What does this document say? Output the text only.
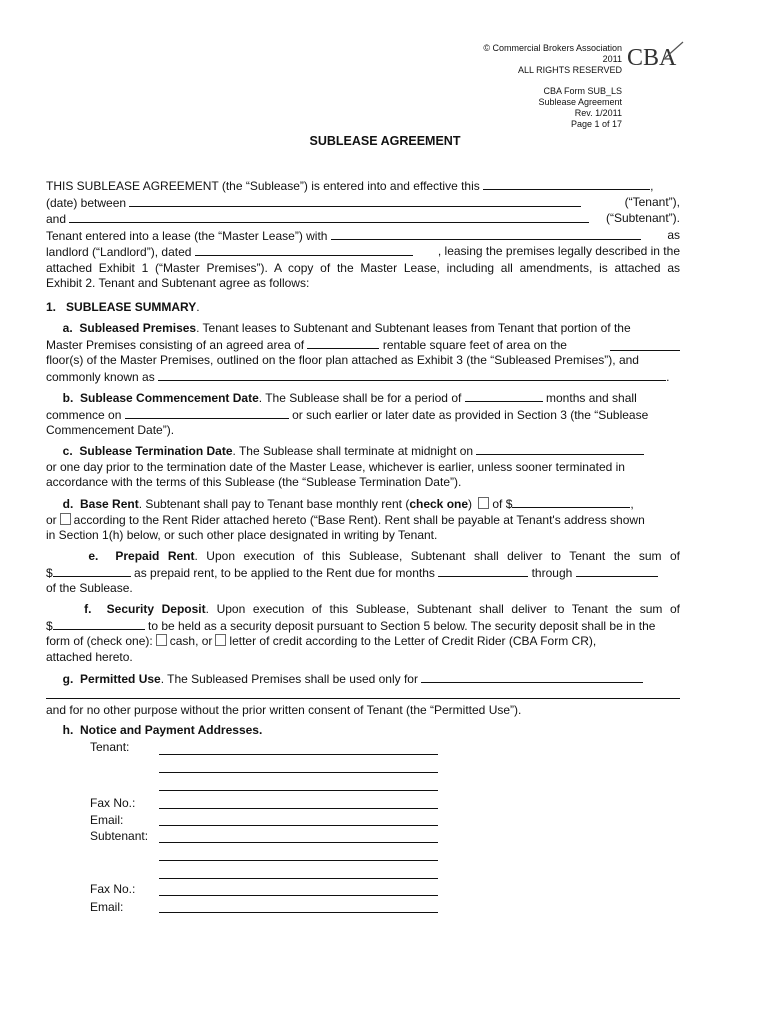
© Commercial Brokers Association
2011
ALL RIGHTS RESERVED
CBA Form SUB_LS
Sublease Agreement
Rev. 1/2011
Page 1 of 17
CBA
SUBLEASE AGREEMENT
THIS SUBLEASE AGREEMENT (the “Sublease”) is entered into and effective this	,
(date) between	(“Tenant”),
and	(“Subtenant”).
Tenant entered into a lease (the “Master Lease”) with	as
landlord (“Landlord”), dated	, leasing the premises legally described in the
attached Exhibit 1 (“Master Premises”). A copy of the Master Lease, including all amendments, is attached as
Exhibit 2. Tenant and Subtenant agree as follows:
1. SUBLEASE SUMMARY.
a. Subleased Premises. Tenant leases to Subtenant and Subtenant leases from Tenant that portion of the
Master Premises consisting of an agreed area of	rentable square feet of area on the
floor(s) of the Master Premises, outlined on the floor plan attached as Exhibit 3 (the “Subleased Premises”), and
commonly known as	.
b. Sublease Commencement Date. The Sublease shall be for a period of	months and shall
commence on	or such earlier or later date as provided in Section 3 (the “Sublease
Commencement Date”).
c. Sublease Termination Date. The Sublease shall terminate at midnight on
or one day prior to the termination date of the Master Lease, whichever is earlier, unless sooner terminated in
accordance with the terms of this Sublease (the “Sublease Termination Date”).
d. Base Rent. Subtenant shall pay to Tenant base monthly rent (check one) of $	,
or according to the Rent Rider attached hereto (“Base Rent). Rent shall be payable at Tenant's address shown
in Section 1(h) below, or such other place designated in writing by Tenant.
e. Prepaid Rent. Upon execution of this Sublease, Subtenant shall deliver to Tenant the sum of
$	as prepaid rent, to be applied to the Rent due for months	through
of the Sublease.
f. Security Deposit. Upon execution of this Sublease, Subtenant shall deliver to Tenant the sum of
$	to be held as a security deposit pursuant to Section 5 below. The security deposit shall be in the
form of (check one): cash, or letter of credit according to the Letter of Credit Rider (CBA Form CR),
attached hereto.
g. Permitted Use. The Subleased Premises shall be used only for
and for no other purpose without the prior written consent of Tenant (the “Permitted Use”).
h. Notice and Payment Addresses.
Tenant:
Fax No.:
Email:
Subtenant:
Fax No.:
Email:
